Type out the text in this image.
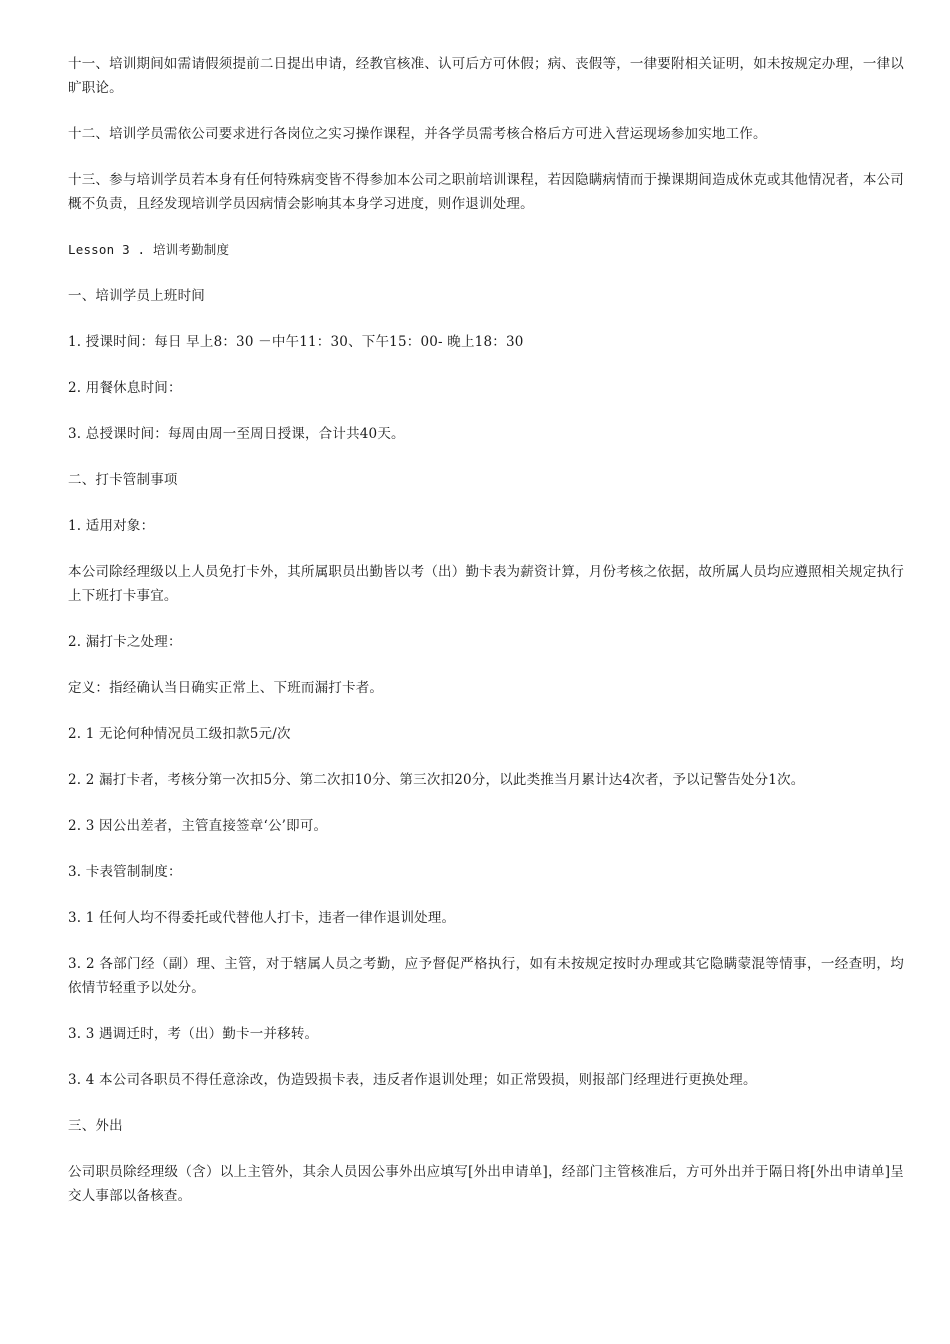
十一、培训期间如需请假须提前二日提出申请，经教官核准、认可后方可休假；病、丧假等，一律要附相关证明，如未按规定办理，一律以旷职论。

十二、培训学员需依公司要求进行各岗位之实习操作课程，并各学员需考核合格后方可进入营运现场参加实地工作。

十三、参与培训学员若本身有任何特殊病变皆不得参加本公司之职前培训课程，若因隐瞒病情而于操课期间造成休克或其他情况者，本公司概不负责，且经发现培训学员因病情会影响其本身学习进度，则作退训处理。

Lesson 3 . 培训考勤制度

一、培训学员上班时间

1. 授课时间：每日 早上8：30 －中午11：30、下午15：00- 晚上18：30

2. 用餐休息时间：

3. 总授课时间：每周由周一至周日授课，合计共40天。

二、打卡管制事项

1. 适用对象：

本公司除经理级以上人员免打卡外，其所属职员出勤皆以考（出）勤卡表为薪资计算，月份考核之依据，故所属人员均应遵照相关规定执行上下班打卡事宜。

2. 漏打卡之处理：

定义：指经确认当日确实正常上、下班而漏打卡者。

2. 1 无论何种情况员工级扣款5元/次

2. 2 漏打卡者，考核分第一次扣5分、第二次扣10分、第三次扣20分，以此类推当月累计达4次者，予以记警告处分1次。

2. 3 因公出差者，主管直接签章‘公’即可。

3. 卡表管制制度：

3. 1 任何人均不得委托或代替他人打卡，违者一律作退训处理。

3. 2 各部门经（副）理、主管，对于辖属人员之考勤，应予督促严格执行，如有未按规定按时办理或其它隐瞒蒙混等情事，一经查明，均依情节轻重予以处分。

3. 3 遇调迁时，考（出）勤卡一并移转。

3. 4 本公司各职员不得任意涂改，伪造毁损卡表，违反者作退训处理；如正常毁损，则报部门经理进行更换处理。

三、外出

公司职员除经理级（含）以上主管外，其余人员因公事外出应填写[外出申请单]，经部门主管核准后，方可外出并于隔日将[外出申请单]呈交人事部以备核查。
